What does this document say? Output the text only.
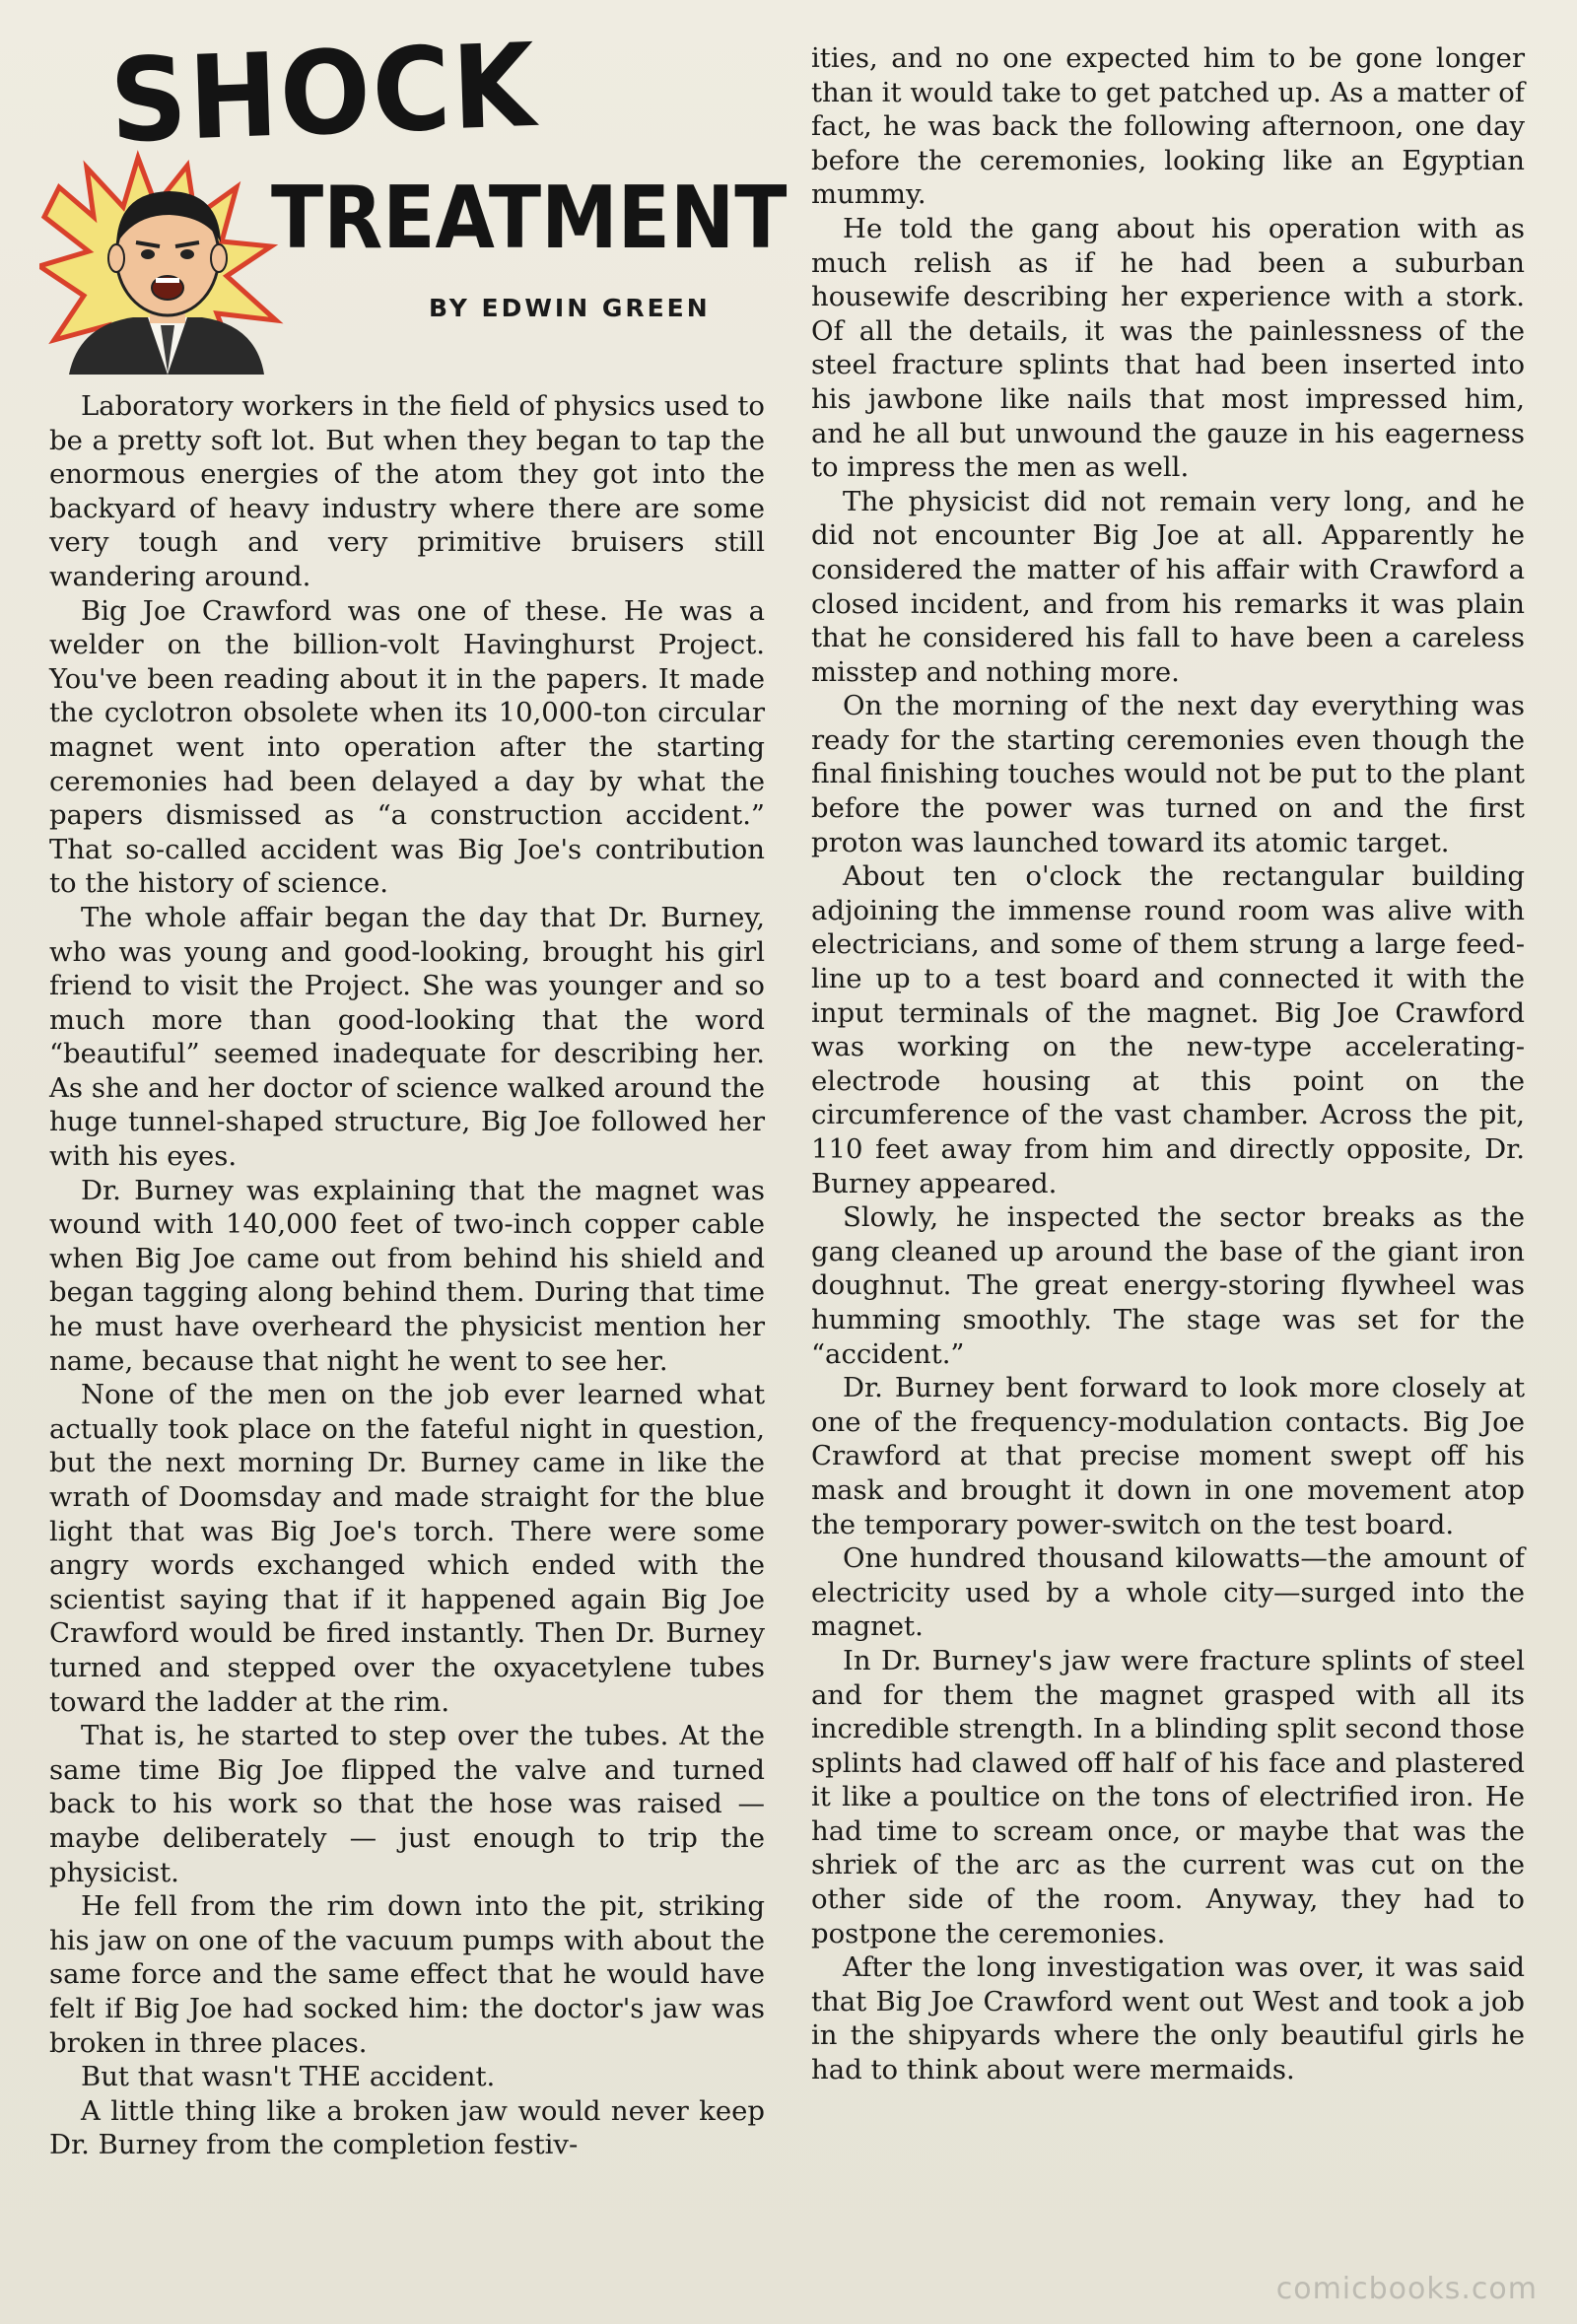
SHOCK
TREATMENT
BY EDWIN GREEN

Laboratory workers in the field of physics used to be a pretty soft lot. But when they began to tap the enormous energies of the atom they got into the backyard of heavy industry where there are some very tough and very primitive bruisers still wandering around.

Big Joe Crawford was one of these. He was a welder on the billion-volt Havinghurst Project. You've been reading about it in the papers. It made the cyclotron obsolete when its 10,000-ton circular magnet went into operation after the starting ceremonies had been delayed a day by what the papers dismissed as “a construction accident.” That so-called accident was Big Joe's contribution to the history of science.

The whole affair began the day that Dr. Burney, who was young and good-looking, brought his girl friend to visit the Project. She was younger and so much more than good-looking that the word “beautiful” seemed inadequate for describing her. As she and her doctor of science walked around the huge tunnel-shaped structure, Big Joe followed her with his eyes.

Dr. Burney was explaining that the magnet was wound with 140,000 feet of two-inch copper cable when Big Joe came out from behind his shield and began tagging along behind them. During that time he must have overheard the physicist mention her name, because that night he went to see her.

None of the men on the job ever learned what actually took place on the fateful night in question, but the next morning Dr. Burney came in like the wrath of Doomsday and made straight for the blue light that was Big Joe's torch. There were some angry words exchanged which ended with the scientist saying that if it happened again Big Joe Crawford would be fired instantly. Then Dr. Burney turned and stepped over the oxyacetylene tubes toward the ladder at the rim.

That is, he started to step over the tubes. At the same time Big Joe flipped the valve and turned back to his work so that the hose was raised — maybe deliberately — just enough to trip the physicist.

He fell from the rim down into the pit, striking his jaw on one of the vacuum pumps with about the same force and the same effect that he would have felt if Big Joe had socked him: the doctor's jaw was broken in three places.

But that wasn't THE accident.

A little thing like a broken jaw would never keep Dr. Burney from the completion festiv-

ities, and no one expected him to be gone longer than it would take to get patched up. As a matter of fact, he was back the following afternoon, one day before the ceremonies, looking like an Egyptian mummy.

He told the gang about his operation with as much relish as if he had been a suburban housewife describing her experience with a stork. Of all the details, it was the painlessness of the steel fracture splints that had been inserted into his jawbone like nails that most impressed him, and he all but unwound the gauze in his eagerness to impress the men as well.

The physicist did not remain very long, and he did not encounter Big Joe at all. Apparently he considered the matter of his affair with Crawford a closed incident, and from his remarks it was plain that he considered his fall to have been a careless misstep and nothing more.

On the morning of the next day everything was ready for the starting ceremonies even though the final finishing touches would not be put to the plant before the power was turned on and the first proton was launched toward its atomic target.

About ten o'clock the rectangular building adjoining the immense round room was alive with electricians, and some of them strung a large feed-line up to a test board and connected it with the input terminals of the magnet. Big Joe Crawford was working on the new-type accelerating-electrode housing at this point on the circumference of the vast chamber. Across the pit, 110 feet away from him and directly opposite, Dr. Burney appeared.

Slowly, he inspected the sector breaks as the gang cleaned up around the base of the giant iron doughnut. The great energy-storing flywheel was humming smoothly. The stage was set for the “accident.”

Dr. Burney bent forward to look more closely at one of the frequency-modulation contacts. Big Joe Crawford at that precise moment swept off his mask and brought it down in one movement atop the temporary power-switch on the test board.

One hundred thousand kilowatts—the amount of electricity used by a whole city—surged into the magnet.

In Dr. Burney's jaw were fracture splints of steel and for them the magnet grasped with all its incredible strength. In a blinding split second those splints had clawed off half of his face and plastered it like a poultice on the tons of electrified iron. He had time to scream once, or maybe that was the shriek of the arc as the current was cut on the other side of the room. Anyway, they had to postpone the ceremonies.

After the long investigation was over, it was said that Big Joe Crawford went out West and took a job in the shipyards where the only beautiful girls he had to think about were mermaids.

comicbooks.com
